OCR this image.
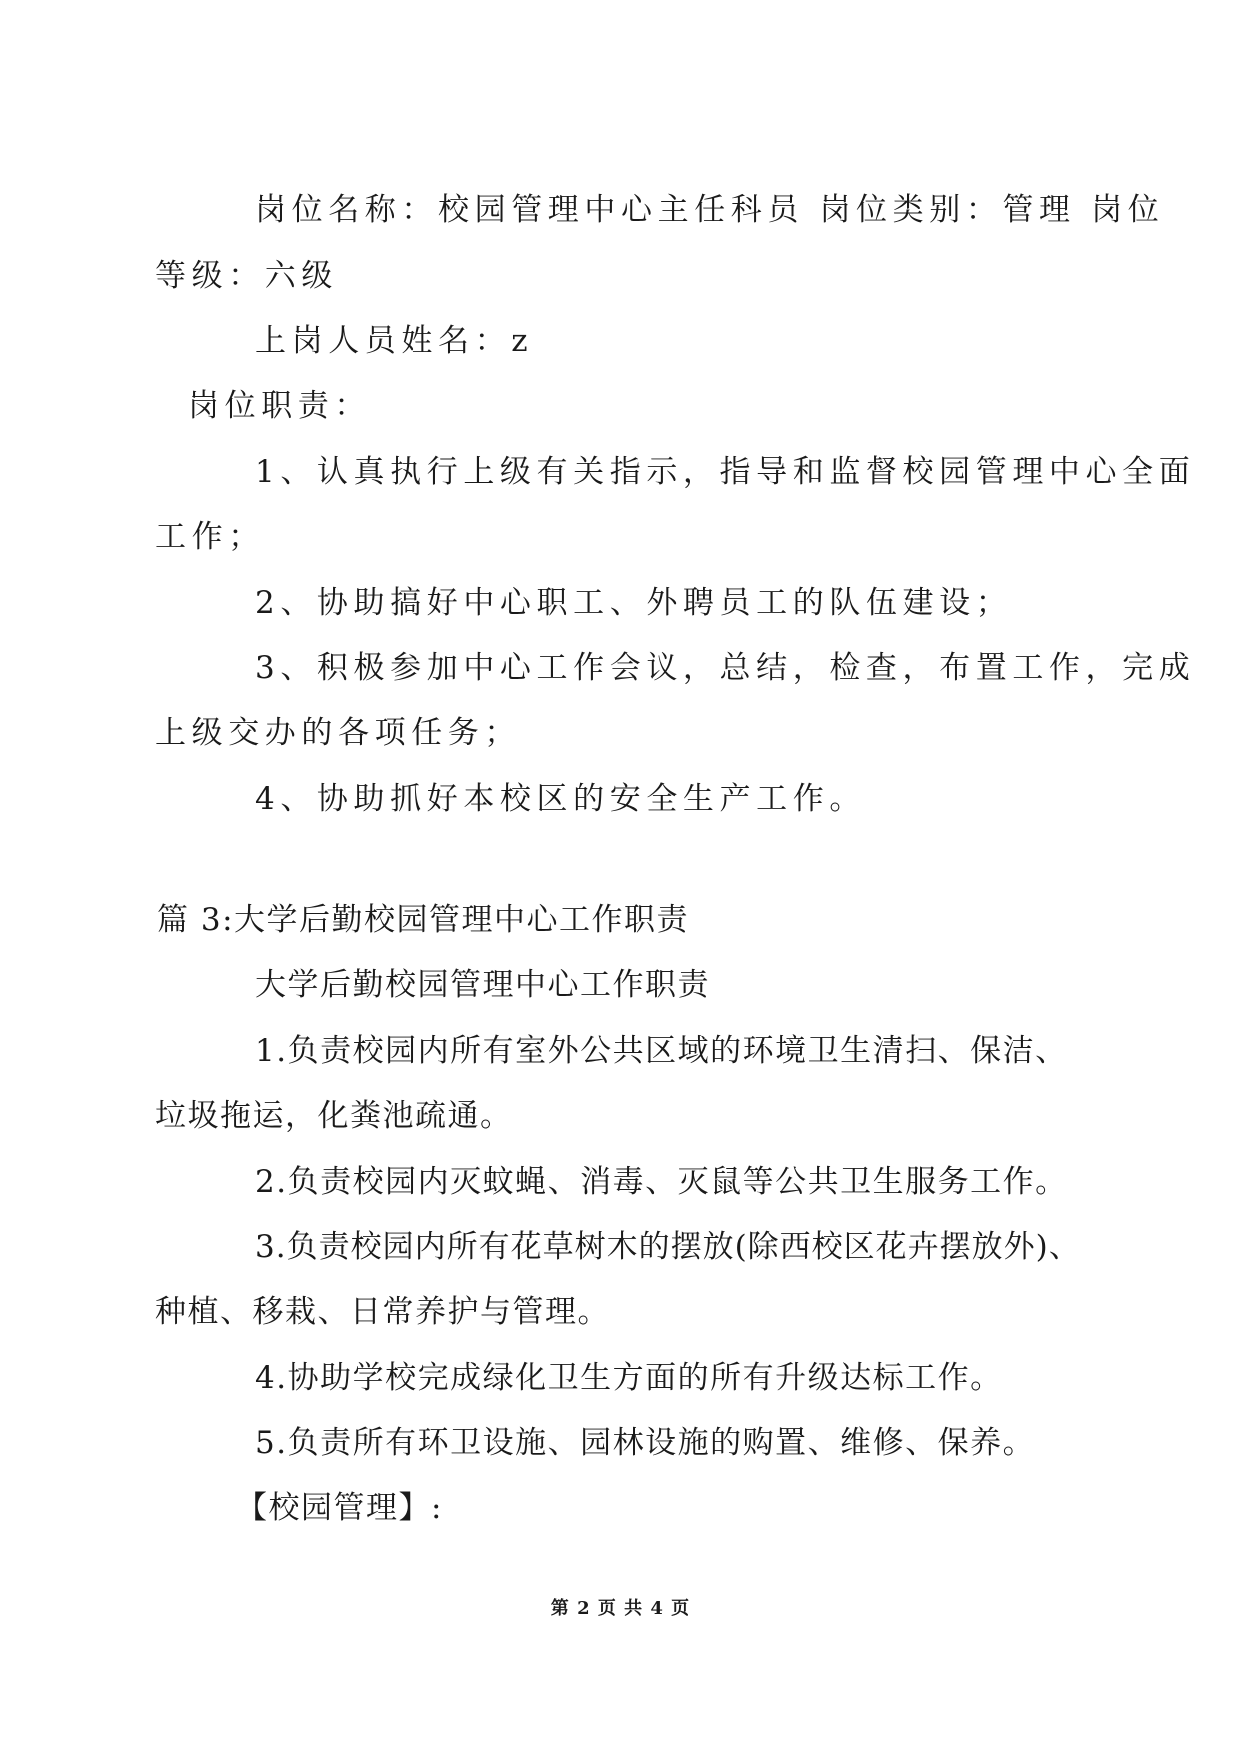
岗位名称：校园管理中心主任科员 岗位类别：管理 岗位
等级：六级
上岗人员姓名：z
岗位职责：
1、认真执行上级有关指示，指导和监督校园管理中心全面
工作；
2、协助搞好中心职工、外聘员工的队伍建设；
3、积极参加中心工作会议，总结，检查，布置工作，完成
上级交办的各项任务；
4、协助抓好本校区的安全生产工作。
篇 3:大学后勤校园管理中心工作职责
大学后勤校园管理中心工作职责
1.负责校园内所有室外公共区域的环境卫生清扫、保洁、
垃圾拖运，化粪池疏通。
2.负责校园内灭蚊蝇、消毒、灭鼠等公共卫生服务工作。
3.负责校园内所有花草树木的摆放(除西校区花卉摆放外)、
种植、移栽、日常养护与管理。
4.协助学校完成绿化卫生方面的所有升级达标工作。
5.负责所有环卫设施、园林设施的购置、维修、保养。
【校园管理】:
第 2 页 共 4 页
